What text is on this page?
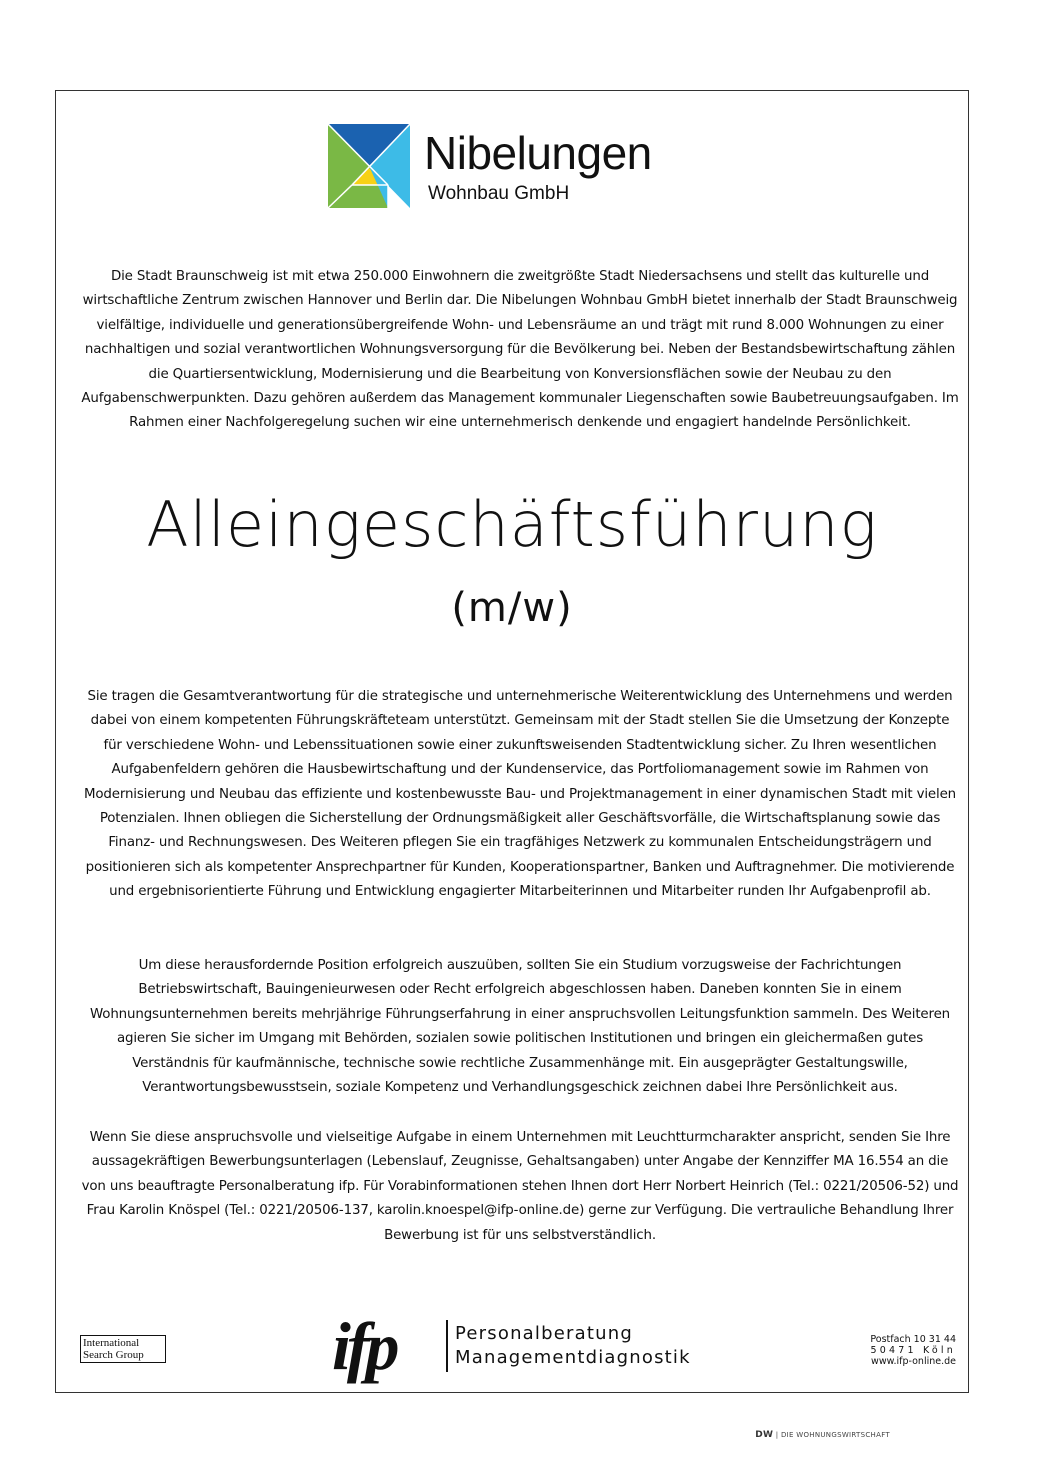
Nibelungen
Wohnbau GmbH
Die Stadt Braunschweig ist mit etwa 250.000 Einwohnern die zweitgrößte Stadt Niedersachsens und stellt das kulturelle und wirtschaftliche Zentrum zwischen Hannover und Berlin dar. Die Nibelungen Wohnbau GmbH bietet innerhalb der Stadt Braunschweig vielfältige, individuelle und generationsübergreifende Wohn- und Lebensräume an und trägt mit rund 8.000 Wohnungen zu einer nachhaltigen und sozial verantwortlichen Wohnungsversorgung für die Bevölkerung bei. Neben der Bestandsbewirtschaftung zählen die Quartiersentwicklung, Modernisierung und die Bearbeitung von Konversionsflächen sowie der Neubau zu den Aufgabenschwerpunkten. Dazu gehören außerdem das Management kommunaler Liegenschaften sowie Baubetreuungsaufgaben. Im Rahmen einer Nachfolgeregelung suchen wir eine unternehmerisch denkende und engagiert handelnde Persönlichkeit.
Alleingeschäftsführung
(m/w)
Sie tragen die Gesamtverantwortung für die strategische und unternehmerische Weiterentwicklung des Unternehmens und werden dabei von einem kompetenten Führungskräfteteam unterstützt. Gemeinsam mit der Stadt stellen Sie die Umsetzung der Konzepte für verschiedene Wohn- und Lebenssituationen sowie einer zukunftsweisenden Stadtentwicklung sicher. Zu Ihren wesentlichen Aufgabenfeldern gehören die Hausbewirtschaftung und der Kundenservice, das Portfoliomanagement sowie im Rahmen von Modernisierung und Neubau das effiziente und kostenbewusste Bau- und Projektmanagement in einer dynamischen Stadt mit vielen Potenzialen. Ihnen obliegen die Sicherstellung der Ordnungsmäßigkeit aller Geschäftsvorfälle, die Wirtschaftsplanung sowie das Finanz- und Rechnungswesen. Des Weiteren pflegen Sie ein tragfähiges Netzwerk zu kommunalen Entscheidungsträgern und positionieren sich als kompetenter Ansprechpartner für Kunden, Kooperationspartner, Banken und Auftragnehmer. Die motivierende und ergebnisorientierte Führung und Entwicklung engagierter Mitarbeiterinnen und Mitarbeiter runden Ihr Aufgabenprofil ab.
Um diese herausfordernde Position erfolgreich auszuüben, sollten Sie ein Studium vorzugsweise der Fachrichtungen Betriebswirtschaft, Bauingenieurwesen oder Recht erfolgreich abgeschlossen haben. Daneben konnten Sie in einem Wohnungsunternehmen bereits mehrjährige Führungserfahrung in einer anspruchsvollen Leitungsfunktion sammeln. Des Weiteren agieren Sie sicher im Umgang mit Behörden, sozialen sowie politischen Institutionen und bringen ein gleichermaßen gutes Verständnis für kaufmännische, technische sowie rechtliche Zusammenhänge mit. Ein ausgeprägter Gestaltungswille, Verantwortungsbewusstsein, soziale Kompetenz und Verhandlungsgeschick zeichnen dabei Ihre Persönlichkeit aus.
Wenn Sie diese anspruchsvolle und vielseitige Aufgabe in einem Unternehmen mit Leuchtturmcharakter anspricht, senden Sie Ihre aussagekräftigen Bewerbungsunterlagen (Lebenslauf, Zeugnisse, Gehaltsangaben) unter Angabe der Kennziffer MA 16.554 an die von uns beauftragte Personalberatung ifp. Für Vorabinformationen stehen Ihnen dort Herr Norbert Heinrich (Tel.: 0221/20506-52) und Frau Karolin Knöspel (Tel.: 0221/20506-137, karolin.knoespel@ifp-online.de) gerne zur Verfügung. Die vertrauliche Behandlung Ihrer Bewerbung ist für uns selbstverständlich.
International
Search Group	ifp	Personalberatung
Managementdiagnostik
Postfach 10 31 44
50471 Köln
www.ifp-online.de
DW | DIE WOHNUNGSWIRTSCHAFT
